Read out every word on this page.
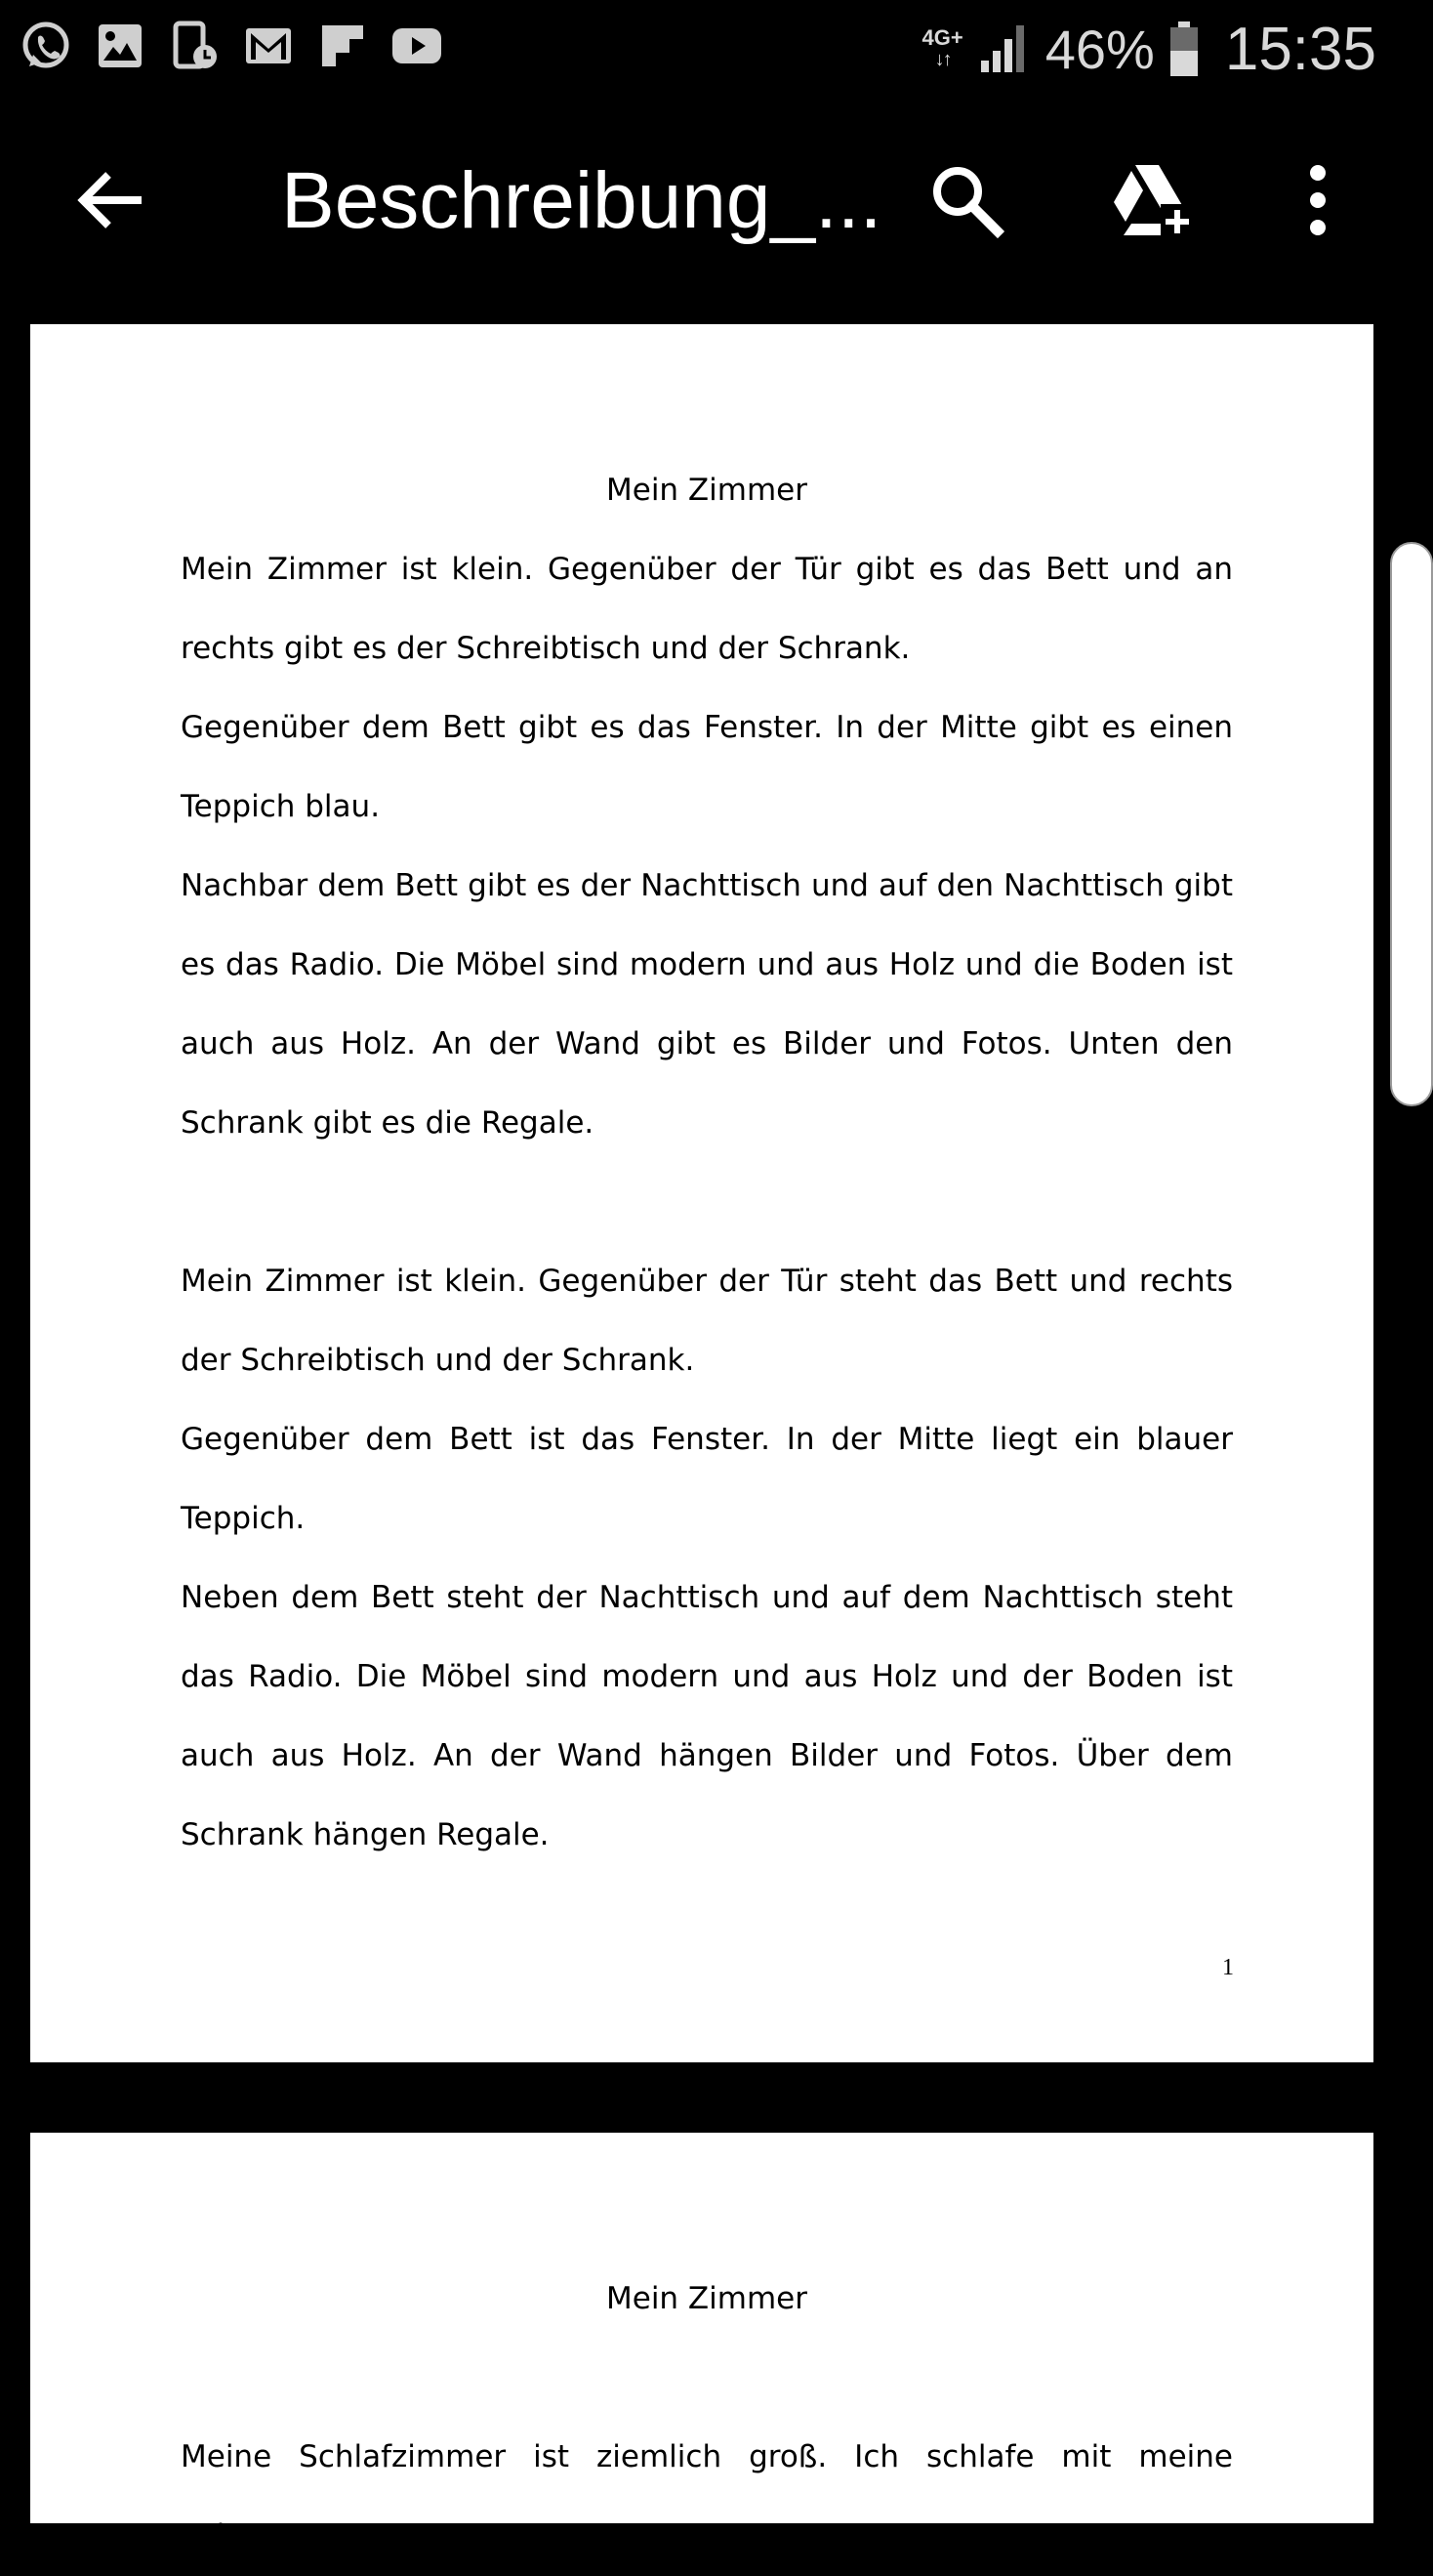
4G+
↓↑ 46% 15:35
Beschreibung_...

Mein Zimmer

Mein Zimmer ist klein. Gegenüber der Tür gibt es das Bett und an rechts gibt es der Schreibtisch und der Schrank.

Gegenüber dem Bett gibt es das Fenster. In der Mitte gibt es einen Teppich blau.

Nachbar dem Bett gibt es der Nachttisch und auf den Nachttisch gibt es das Radio. Die Möbel sind modern und aus Holz und die Boden ist auch aus Holz. An der Wand gibt es Bilder und Fotos. Unten den Schrank gibt es die Regale.

Mein Zimmer ist klein. Gegenüber der Tür steht das Bett und rechts der Schreibtisch und der Schrank.

Gegenüber dem Bett ist das Fenster. In der Mitte liegt ein blauer Teppich.

Neben dem Bett steht der Nachttisch und auf dem Nachttisch steht das Radio. Die Möbel sind modern und aus Holz und der Boden ist auch aus Holz. An der Wand hängen Bilder und Fotos. Über dem Schrank hängen Regale.

1

Mein Zimmer

Meine Schlafzimmer ist ziemlich groß. Ich schlafe mit meine Schwester. Es
